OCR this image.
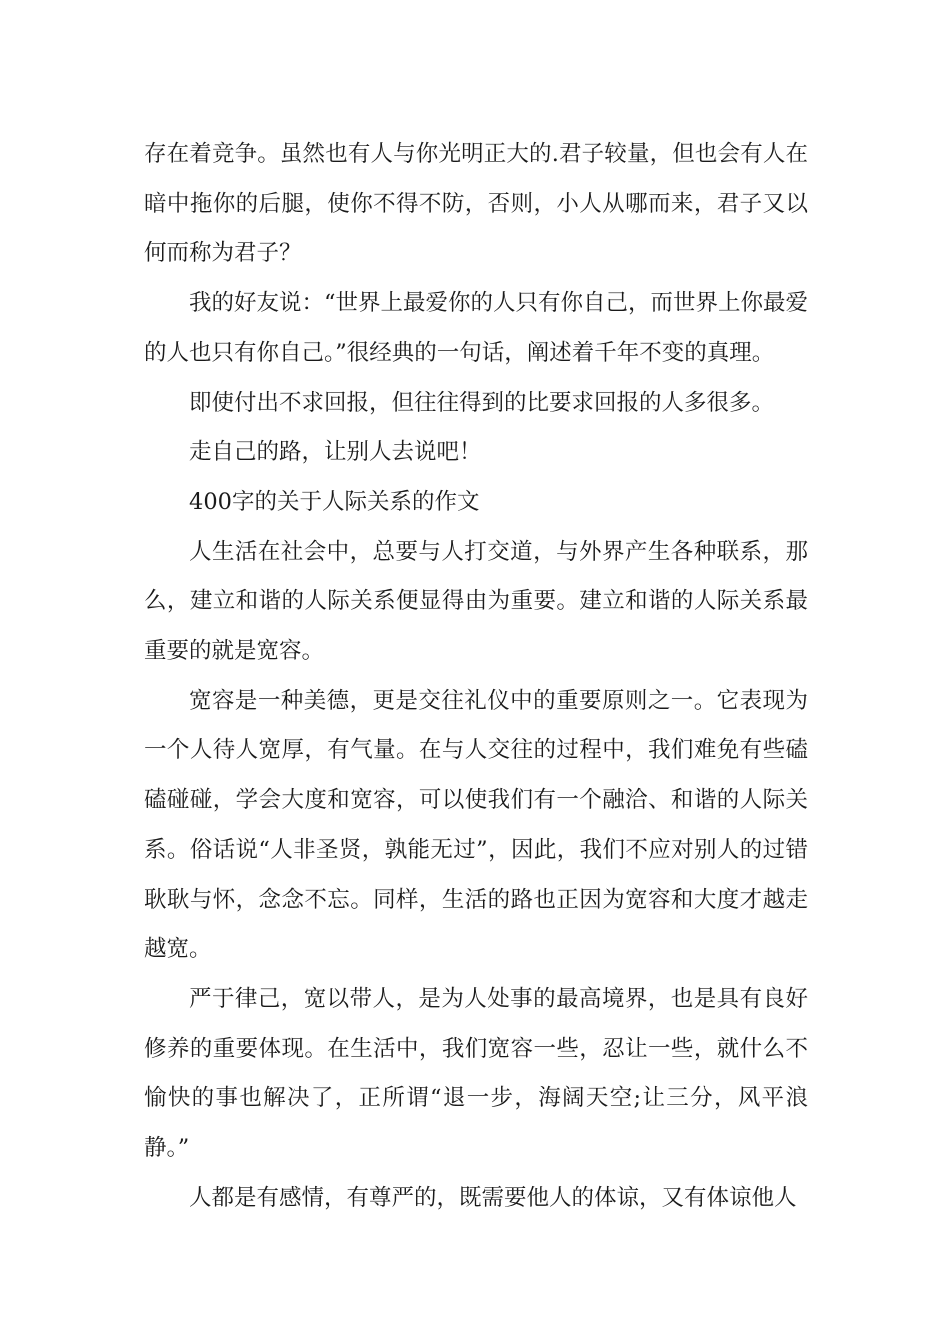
存在着竞争。虽然也有人与你光明正大的.君子较量，但也会有人在暗中拖你的后腿，使你不得不防，否则，小人从哪而来，君子又以何而称为君子？

我的好友说：“世界上最爱你的人只有你自己，而世界上你最爱的人也只有你自己。”很经典的一句话，阐述着千年不变的真理。

即使付出不求回报，但往往得到的比要求回报的人多很多。

走自己的路，让别人去说吧！

400字的关于人际关系的作文

人生活在社会中，总要与人打交道，与外界产生各种联系，那么，建立和谐的人际关系便显得由为重要。建立和谐的人际关系最重要的就是宽容。

宽容是一种美德，更是交往礼仪中的重要原则之一。它表现为一个人待人宽厚，有气量。在与人交往的过程中，我们难免有些磕磕碰碰，学会大度和宽容，可以使我们有一个融洽、和谐的人际关系。俗话说“人非圣贤，孰能无过”，因此，我们不应对别人的过错耿耿与怀，念念不忘。同样，生活的路也正因为宽容和大度才越走越宽。

严于律己，宽以带人，是为人处事的最高境界，也是具有良好修养的重要体现。在生活中，我们宽容一些，忍让一些，就什么不愉快的事也解决了，正所谓“退一步，海阔天空;让三分，风平浪静。”

人都是有感情，有尊严的，既需要他人的体谅，又有体谅他人
